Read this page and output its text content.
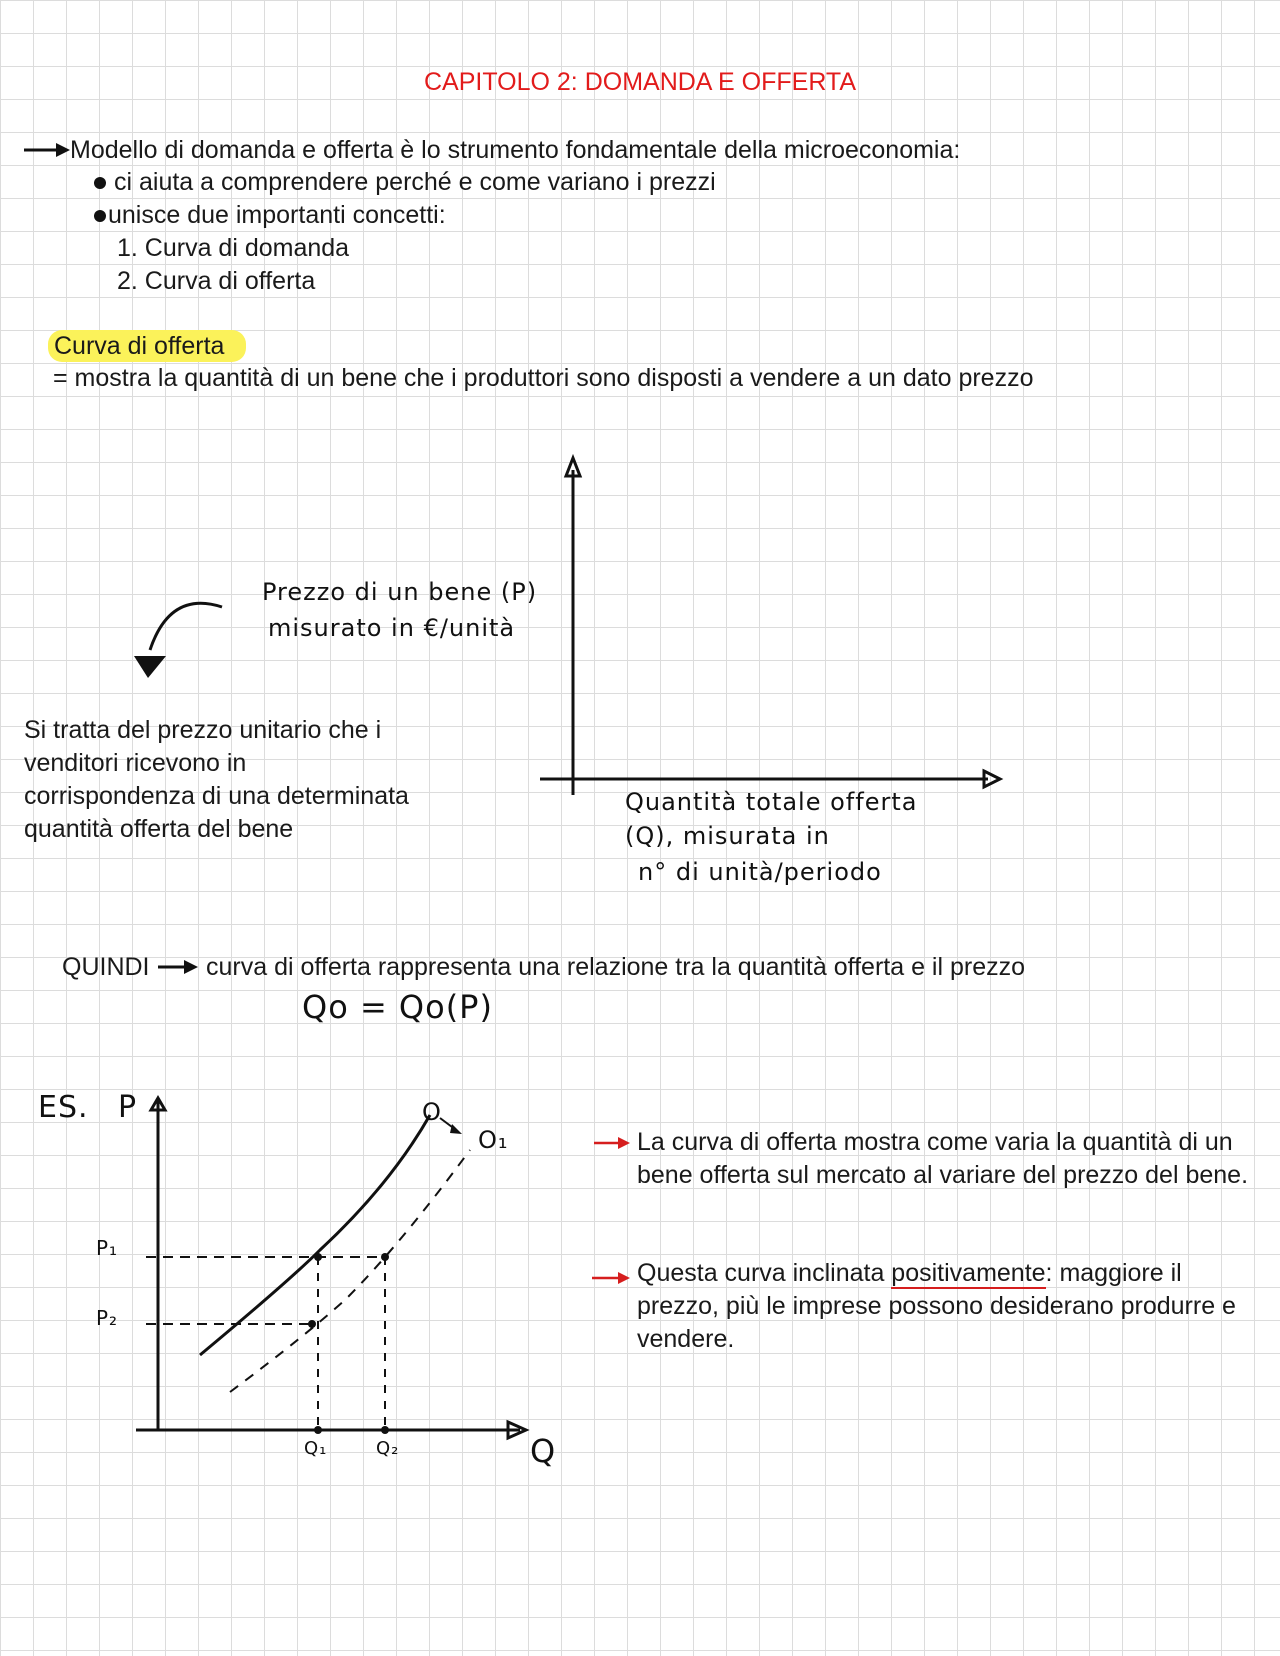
CAPITOLO 2: DOMANDA E OFFERTA
Modello di domanda e offerta è lo strumento fondamentale della microeconomia:
ci aiuta a comprendere perché e come variano i prezzi
unisce due importanti concetti:
1. Curva di domanda
2. Curva di offerta
Curva di offerta
= mostra la quantità di un bene che i produttori sono disposti a vendere a un dato prezzo
Prezzo di un bene (P)
misurato in €/unità
Quantità totale offerta
(Q), misurata in
n° di unità/periodo
Si tratta del prezzo unitario che i venditori ricevono in corrispondenza di una determinata quantità offerta del bene
QUINDI curva di offerta rappresenta una relazione tra la quantità offerta e il prezzo
Qo = Qo(P)
ES. P
Q
O
O₁
P₁
P₂
Q₁	Q₂
La curva di offerta mostra come varia la quantità di un bene offerta sul mercato al variare del prezzo del bene.
Questa curva inclinata positivamente: maggiore il prezzo, più le imprese possono desiderano produrre e vendere.
